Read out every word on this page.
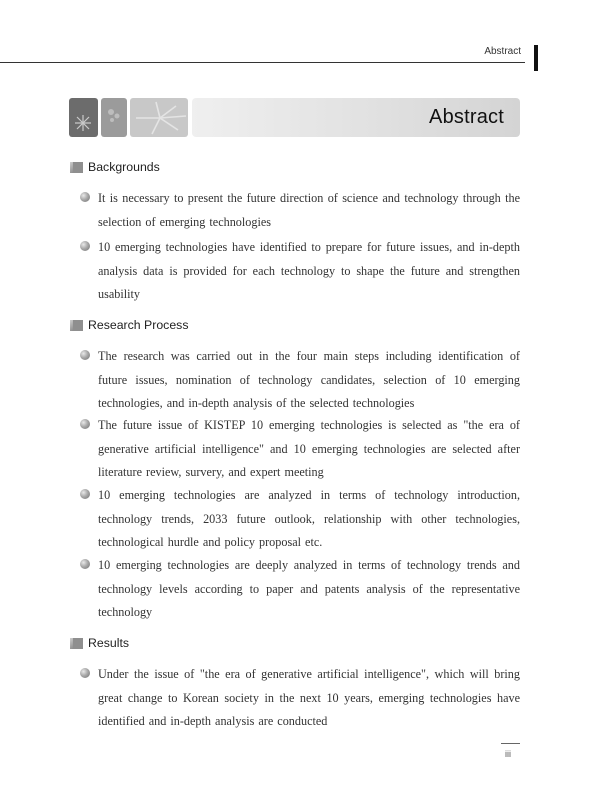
Abstract
Abstract
Backgrounds
It is necessary to present the future direction of science and technology through the selection of emerging technologies
10 emerging technologies have identified to prepare for future issues, and in-depth analysis data is provided for each technology to shape the future and strengthen usability
Research Process
The research was carried out in the four main steps including identification of future issues, nomination of technology candidates, selection of 10 emerging technologies, and in-depth analysis of the selected technologies
The future issue of KISTEP 10 emerging technologies is selected as "the era of generative artificial intelligence" and 10 emerging technologies are selected after literature review, survery, and expert meeting
10 emerging technologies are analyzed in terms of technology introduction, technology trends, 2033 future outlook, relationship with other technologies, technological hurdle and policy proposal etc.
10 emerging technologies are deeply analyzed in terms of technology trends and technology levels according to paper and patents analysis of the representative technology
Results
Under the issue of "the era of generative artificial intelligence", which will bring great change to Korean society in the next 10 years, emerging technologies have identified and in-depth analysis are conducted
iii
